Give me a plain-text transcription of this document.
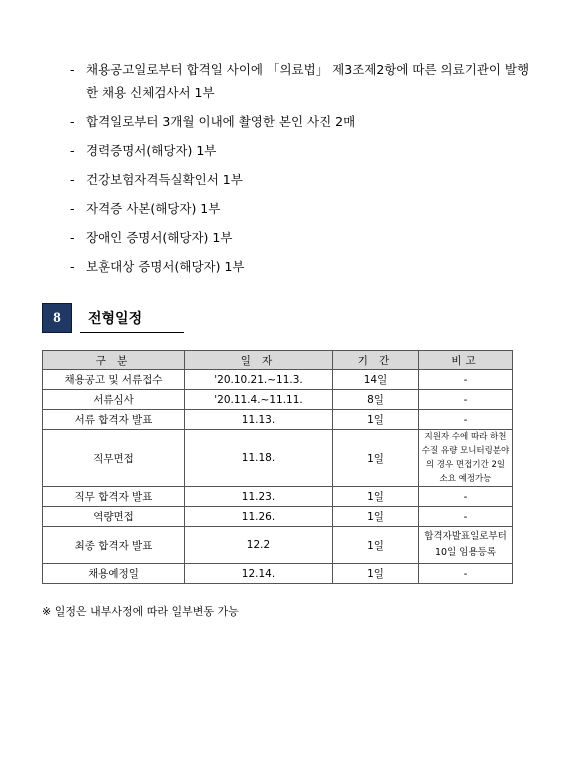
- 채용공고일로부터 합격일 사이에 「의료법」 제3조제2항에 따른 의료기관이 발행한 채용 신체검사서 1부
- 합격일로부터 3개월 이내에 촬영한 본인 사진 2매
- 경력증명서(해당자) 1부
- 건강보험자격득실확인서 1부
- 자격증 사본(해당자) 1부
- 장애인 증명서(해당자) 1부
- 보훈대상 증명서(해당자) 1부
8	전형일정
구 분	일 자	기 간	비고
채용공고 및 서류접수	'20.10.21.~11.3.	14일	-
서류심사	'20.11.4.~11.11.	8일	-
서류 합격자 발표	11.13.	1일	-
직무면접	11.18.	1일	지원자 수에 따라 하천수질 유량 모니터링분야의 경우 면접기간 2일 소요 예정가능
직무 합격자 발표	11.23.	1일	-
역량면접	11.26.	1일	-
최종 합격자 발표	12.2	1일	합격자발표일로부터 10일 임용등록
채용예정일	12.14.	1일	-
※ 일정은 내부사정에 따라 일부변동 가능
